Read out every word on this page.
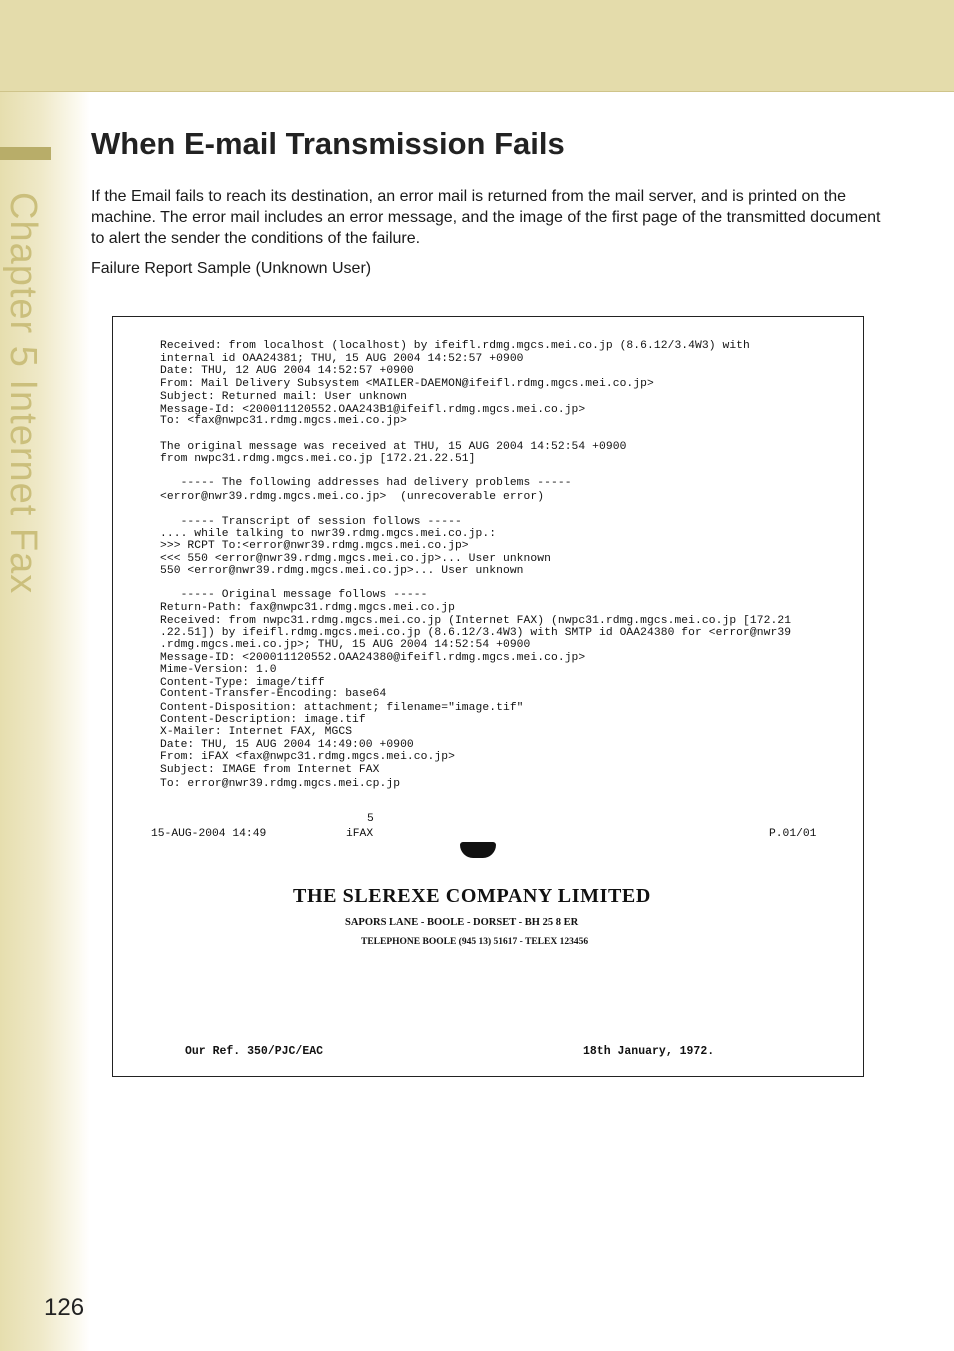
Chapter 5 Internet Fax
When E-mail Transmission Fails

If the Email fails to reach its destination, an error mail is returned from the mail server, and is printed on the machine. The error mail includes an error message, and the image of the first page of the transmitted document to alert the sender the conditions of the failure.

Failure Report Sample (Unknown User)

Received: from localhost (localhost) by ifeifl.rdmg.mgcs.mei.co.jp (8.6.12/3.4W3) with

internal id OAA24381; THU, 15 AUG 2004 14:52:57 +0900

Date: THU, 12 AUG 2004 14:52:57 +0900

From: Mail Delivery Subsystem <MAILER-DAEMON@ifeifl.rdmg.mgcs.mei.co.jp>

Subject: Returned mail: User unknown

Message-Id: <200011120552.OAA243B1@ifeifl.rdmg.mgcs.mei.co.jp>

To: <fax@nwpc31.rdmg.mgcs.mei.co.jp>

The original message was received at THU, 15 AUG 2004 14:52:54 +0900

from nwpc31.rdmg.mgcs.mei.co.jp [172.21.22.51]

----- The following addresses had delivery problems -----

<error@nwr39.rdmg.mgcs.mei.co.jp>  (unrecoverable error)

----- Transcript of session follows -----

.... while talking to nwr39.rdmg.mgcs.mei.co.jp.:

>>> RCPT To:<error@nwr39.rdmg.mgcs.mei.co.jp>

<<< 550 <error@nwr39.rdmg.mgcs.mei.co.jp>... User unknown

550 <error@nwr39.rdmg.mgcs.mei.co.jp>... User unknown

----- Original message follows -----

Return-Path: fax@nwpc31.rdmg.mgcs.mei.co.jp

Received: from nwpc31.rdmg.mgcs.mei.co.jp (Internet FAX) (nwpc31.rdmg.mgcs.mei.co.jp [172.21

.22.51]) by ifeifl.rdmg.mgcs.mei.co.jp (8.6.12/3.4W3) with SMTP id OAA24380 for <error@nwr39

.rdmg.mgcs.mei.co.jp>; THU, 15 AUG 2004 14:52:54 +0900

Message-ID: <200011120552.OAA24380@ifeifl.rdmg.mgcs.mei.co.jp>

Mime-Version: 1.0

Content-Type: image/tiff

Content-Transfer-Encoding: base64

Content-Disposition: attachment; filename="image.tif"

Content-Description: image.tif

X-Mailer: Internet FAX, MGCS

Date: THU, 15 AUG 2004 14:49:00 +0900

From: iFAX <fax@nwpc31.rdmg.mgcs.mei.co.jp>

Subject: IMAGE from Internet FAX

To: error@nwr39.rdmg.mgcs.mei.cp.jp

5

15-AUG-2004 14:49	iFAX	P.01/01

THE SLEREXE COMPANY LIMITED

SAPORS LANE - BOOLE - DORSET - BH 25 8 ER

TELEPHONE BOOLE (945 13) 51617 - TELEX 123456

Our Ref. 350/PJC/EAC	18th January, 1972.

126
